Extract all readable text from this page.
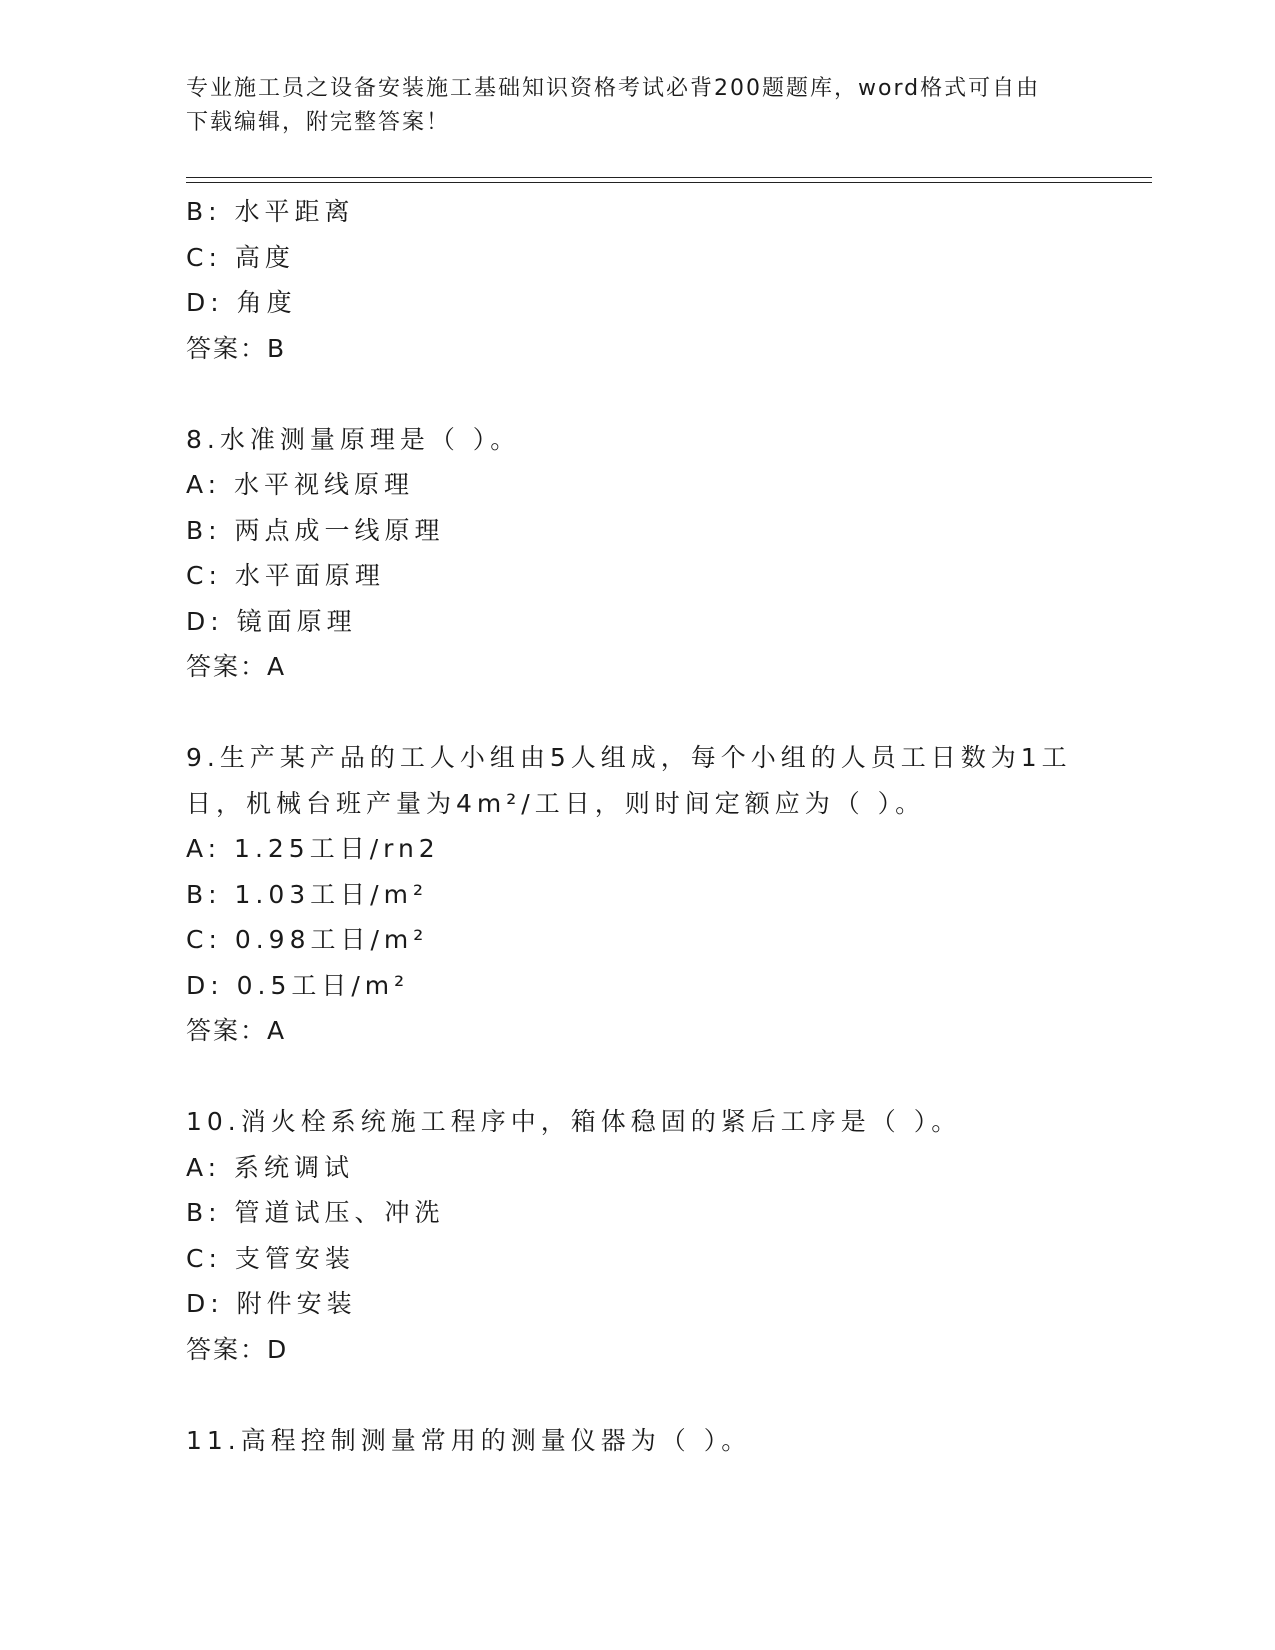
专业施工员之设备安装施工基础知识资格考试必背200题题库，word格式可自由
下载编辑，附完整答案！
B: 水平距离
C: 高度
D: 角度
答案：B
8.水准测量原理是（ ）。
A: 水平视线原理
B: 两点成一线原理
C: 水平面原理
D: 镜面原理
答案：A
9.生产某产品的工人小组由5人组成，每个小组的人员工日数为1工
日，机械台班产量为4m²/工日，则时间定额应为（ ）。
A: 1.25工日/rn2
B: 1.03工日/m²
C: 0.98工日/m²
D: 0.5工日/m²
答案：A
10.消火栓系统施工程序中，箱体稳固的紧后工序是（ ）。
A: 系统调试
B: 管道试压、冲洗
C: 支管安装
D: 附件安装
答案：D
11.高程控制测量常用的测量仪器为（ ）。
